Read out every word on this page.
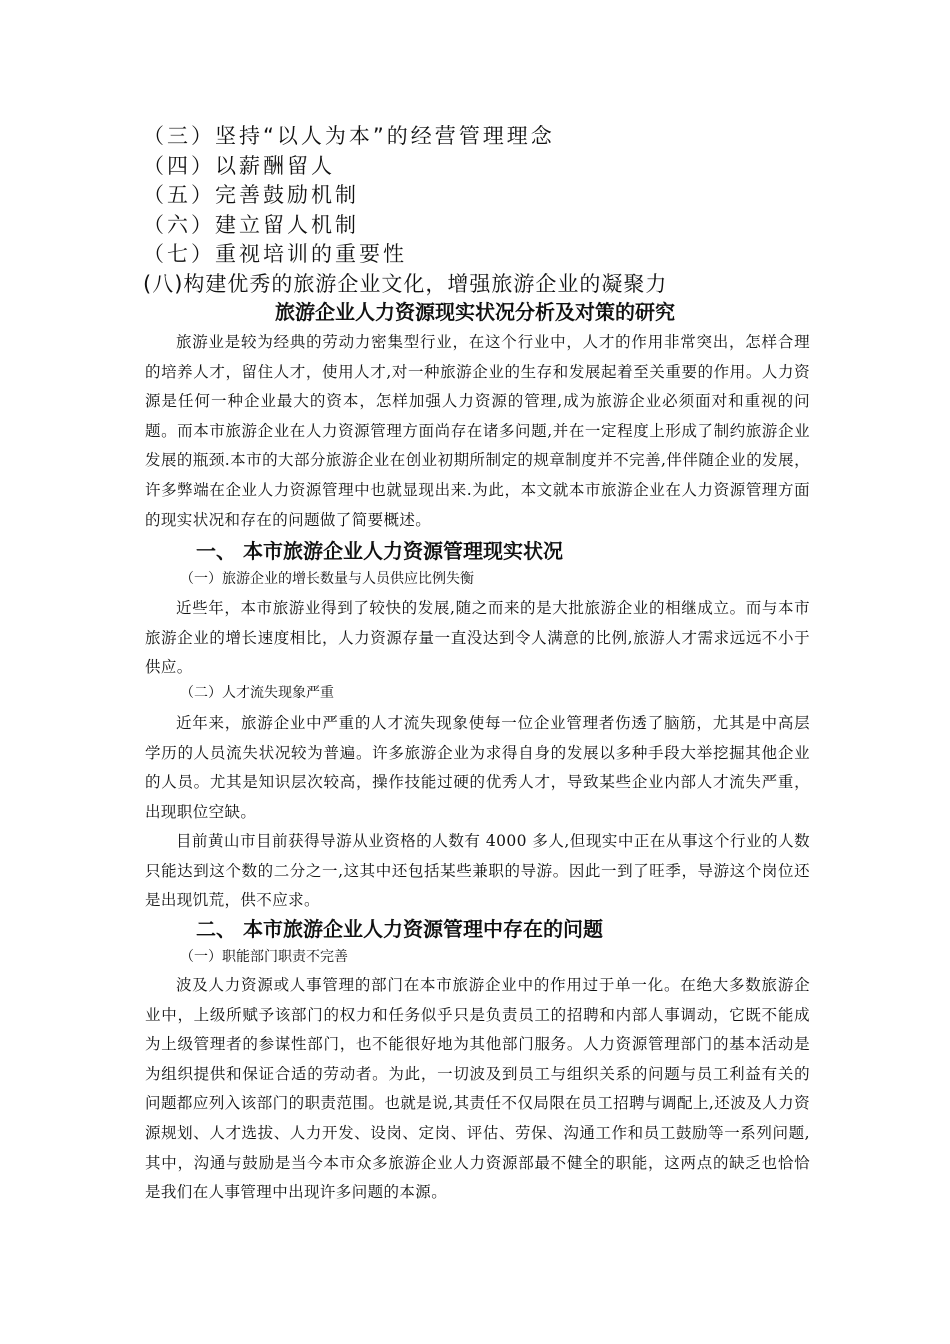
（三）坚持“以人为本”的经营管理理念
（四）以薪酬留人
（五）完善鼓励机制
（六）建立留人机制
（七）重视培训的重要性
(八)构建优秀的旅游企业文化，增强旅游企业的凝聚力
旅游企业人力资源现实状况分析及对策的研究

旅游业是较为经典的劳动力密集型行业，在这个行业中，人才的作用非常突出，怎样合理的培养人才，留住人才，使用人才,对一种旅游企业的生存和发展起着至关重要的作用。人力资源是任何一种企业最大的资本，怎样加强人力资源的管理,成为旅游企业必须面对和重视的问题。而本市旅游企业在人力资源管理方面尚存在诸多问题,并在一定程度上形成了制约旅游企业发展的瓶颈.本市的大部分旅游企业在创业初期所制定的规章制度并不完善,伴伴随企业的发展，许多弊端在企业人力资源管理中也就显现出来.为此，本文就本市旅游企业在人力资源管理方面的现实状况和存在的问题做了简要概述。

一、 本市旅游企业人力资源管理现实状况
（一）旅游企业的增长数量与人员供应比例失衡

近些年，本市旅游业得到了较快的发展,随之而来的是大批旅游企业的相继成立。而与本市旅游企业的增长速度相比，人力资源存量一直没达到令人满意的比例,旅游人才需求远远不小于供应。

（二）人才流失现象严重

近年来，旅游企业中严重的人才流失现象使每一位企业管理者伤透了脑筋，尤其是中高层学历的人员流失状况较为普遍。许多旅游企业为求得自身的发展以多种手段大举挖掘其他企业的人员。尤其是知识层次较高，操作技能过硬的优秀人才，导致某些企业内部人才流失严重，出现职位空缺。

目前黄山市目前获得导游从业资格的人数有 4000 多人,但现实中正在从事这个行业的人数只能达到这个数的二分之一,这其中还包括某些兼职的导游。因此一到了旺季，导游这个岗位还是出现饥荒，供不应求。

二、 本市旅游企业人力资源管理中存在的问题
（一）职能部门职责不完善

波及人力资源或人事管理的部门在本市旅游企业中的作用过于单一化。在绝大多数旅游企业中，上级所赋予该部门的权力和任务似乎只是负责员工的招聘和内部人事调动，它既不能成为上级管理者的参谋性部门，也不能很好地为其他部门服务。人力资源管理部门的基本活动是为组织提供和保证合适的劳动者。为此，一切波及到员工与组织关系的问题与员工利益有关的问题都应列入该部门的职责范围。也就是说,其责任不仅局限在员工招聘与调配上,还波及人力资源规划、人才选拔、人力开发、设岗、定岗、评估、劳保、沟通工作和员工鼓励等一系列问题,其中，沟通与鼓励是当今本市众多旅游企业人力资源部最不健全的职能，这两点的缺乏也恰恰是我们在人事管理中出现许多问题的本源。
